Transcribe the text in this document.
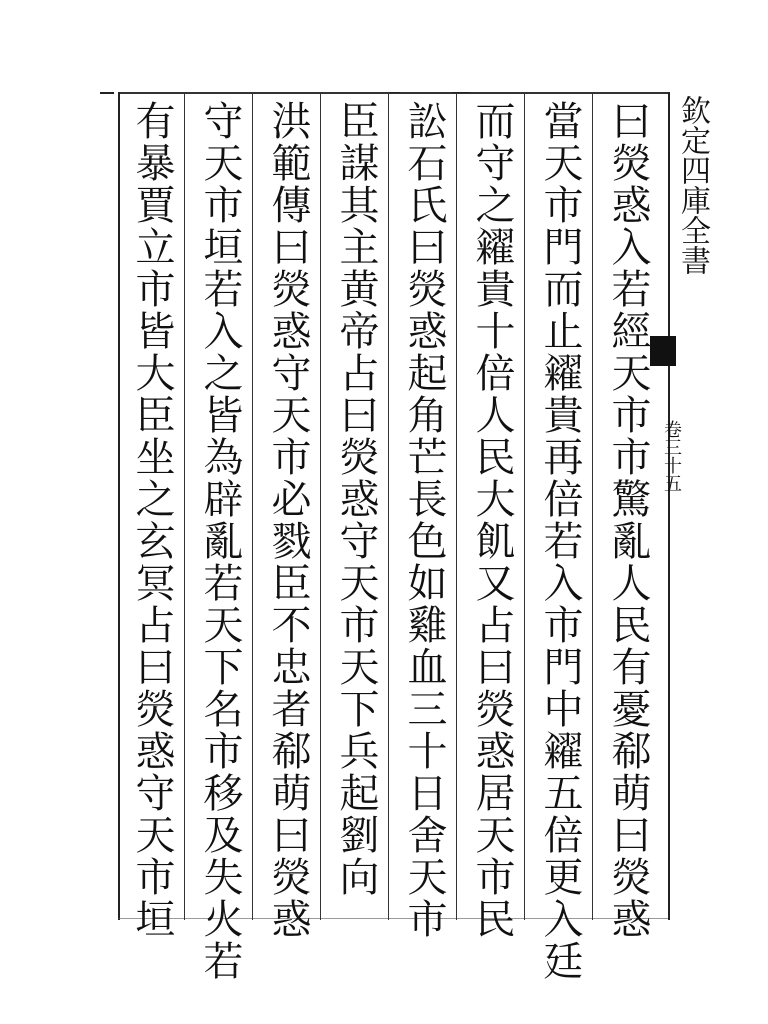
欽定四庫全書
卷三十五
曰熒惑入若經天市市驚亂人民有憂郗萌曰熒惑
當天市門而止糴貴再倍若入市門中糴五倍更入廷
而守之糴貴十倍人民大飢又占曰熒惑居天市民
訟石氏曰熒惑起角芒長色如雞血三十日舍天市
臣謀其主黄帝占曰熒惑守天市天下兵起劉向
洪範傳曰熒惑守天市必戮臣不忠者郗萌曰熒惑
守天市垣若入之皆為辟亂若天下名市移及失火若
有暴賈立市皆大臣坐之玄冥占曰熒惑守天市垣
